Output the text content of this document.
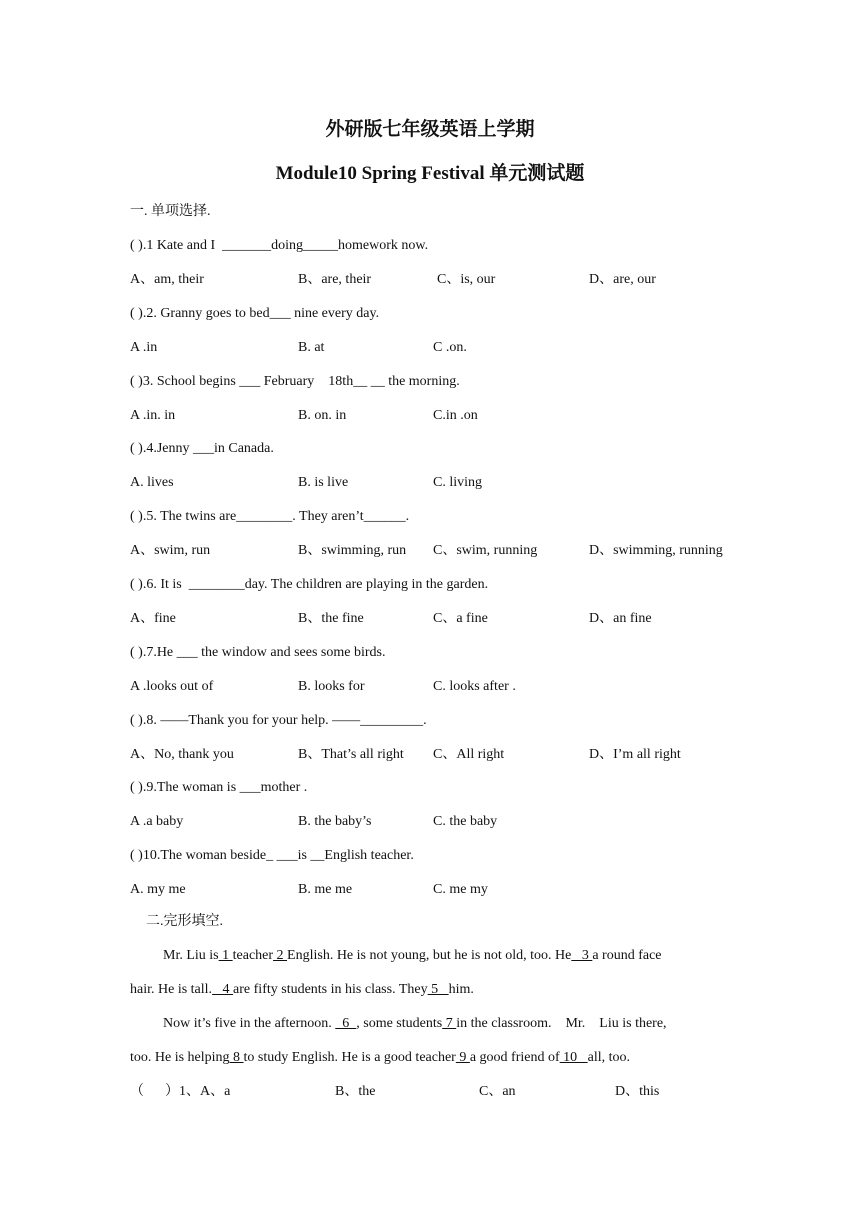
外研版七年级英语上学期
Module10 Spring Festival 单元测试题
一. 单项选择.
( ).1 Kate and I  _______doing_____homework now.
A、am, their	B、are, their	C、is, our	D、are, our
( ).2. Granny goes to bed___ nine every day.
A .in	B. at	C .on.
( )3. School begins ___ February    18th__ __ the morning.
A .in. in	B. on. in	C.in .on
( ).4.Jenny ___in Canada.
A. lives	B. is live	C. living
( ).5. The twins are________. They aren’t______.
A、swim, run	B、swimming, run C、swim, running	D、swimming, running
( ).6. It is  ________day. The children are playing in the garden.
A、fine	B、the fine	C、a fine	D、an fine
( ).7.He ___ the window and sees some birds.
A .looks out of	B. looks for	C. looks after .
( ).8. ——Thank you for your help. ——_________.
A、No, thank you	B、That’s all right C、All right	D、I’m all right
( ).9.The woman is ___mother .
A .a baby	B. the baby’s	C. the baby
( )10.The woman beside_ ___is __English teacher.
A. my me	B. me me	C. me my
二.完形填空.
Mr. Liu is 1 teacher 2 English. He is not young, but he is not old, too. He   3 a round face
hair. He is tall.   4 are fifty students in his class. They 5   him.
Now it’s five in the afternoon.   6  , some students 7 in the classroom.    Mr.    Liu is there,
too. He is helping 8 to study English. He is a good teacher 9 a good friend of 10   all, too.
（      ）1、A、a	B、the	C、an	D、this
